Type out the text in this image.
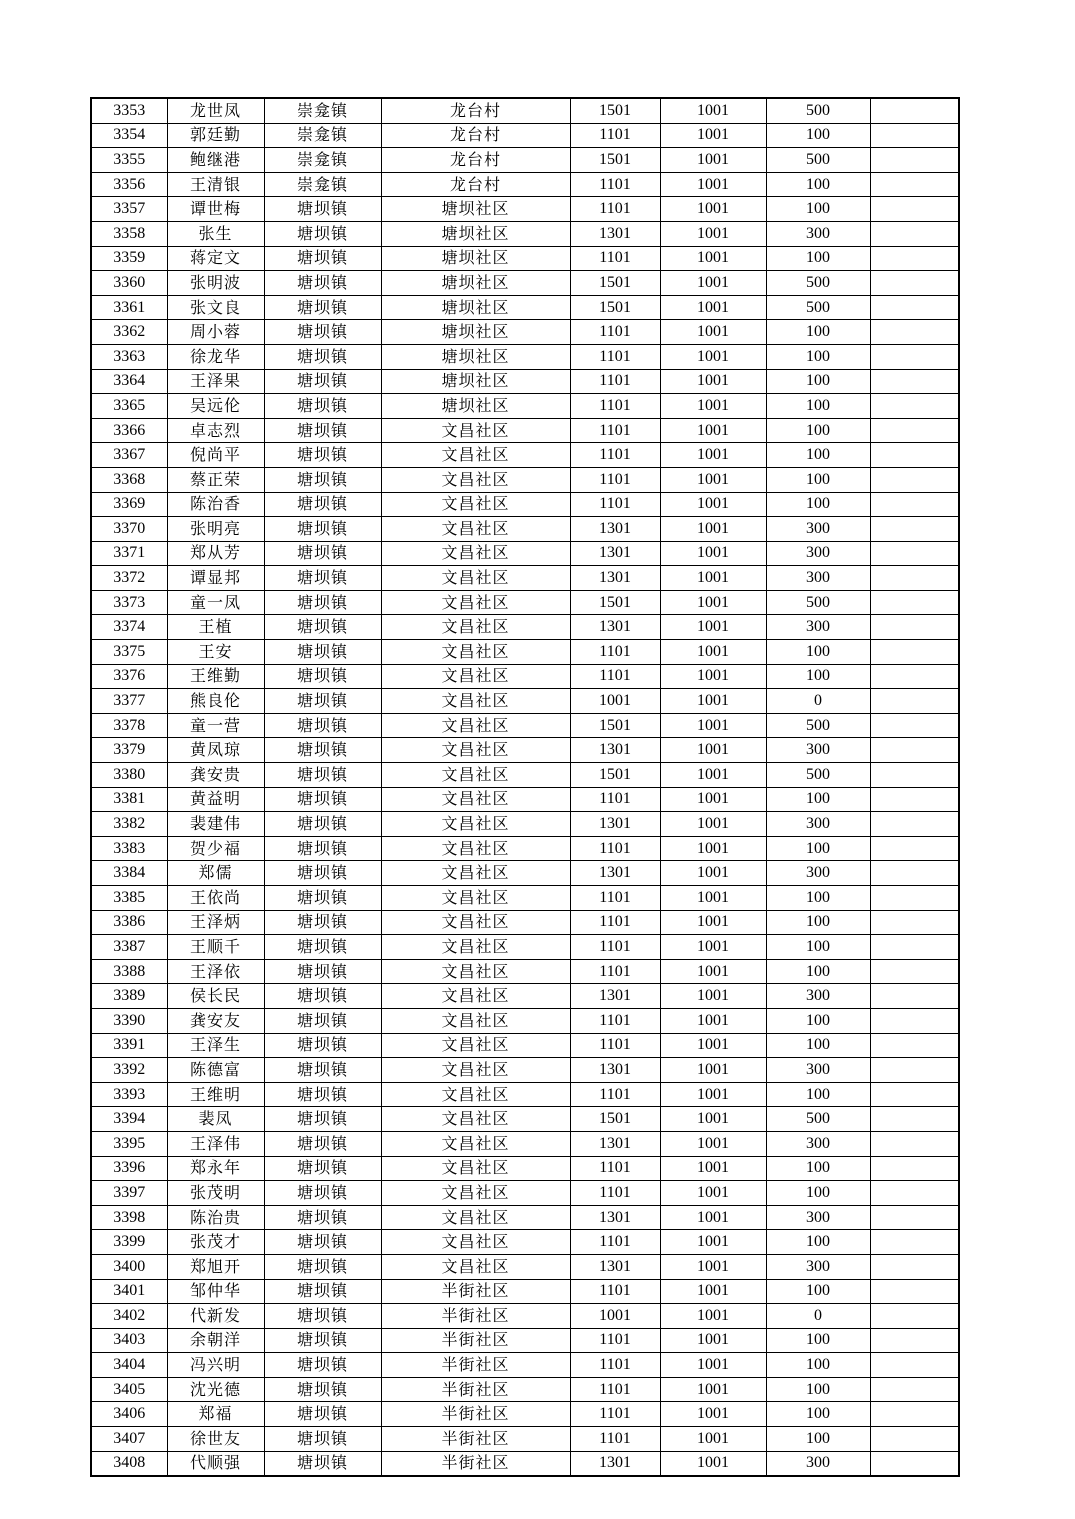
3353	龙世凤	崇龛镇	龙台村	1501	1001	500	
3354	郭廷勤	崇龛镇	龙台村	1101	1001	100	
3355	鲍继港	崇龛镇	龙台村	1501	1001	500	
3356	王清银	崇龛镇	龙台村	1101	1001	100	
3357	谭世梅	塘坝镇	塘坝社区	1101	1001	100	
3358	张生	塘坝镇	塘坝社区	1301	1001	300	
3359	蒋定文	塘坝镇	塘坝社区	1101	1001	100	
3360	张明波	塘坝镇	塘坝社区	1501	1001	500	
3361	张文良	塘坝镇	塘坝社区	1501	1001	500	
3362	周小蓉	塘坝镇	塘坝社区	1101	1001	100	
3363	徐龙华	塘坝镇	塘坝社区	1101	1001	100	
3364	王泽果	塘坝镇	塘坝社区	1101	1001	100	
3365	吴远伦	塘坝镇	塘坝社区	1101	1001	100	
3366	卓志烈	塘坝镇	文昌社区	1101	1001	100	
3367	倪尚平	塘坝镇	文昌社区	1101	1001	100	
3368	蔡正荣	塘坝镇	文昌社区	1101	1001	100	
3369	陈治香	塘坝镇	文昌社区	1101	1001	100	
3370	张明亮	塘坝镇	文昌社区	1301	1001	300	
3371	郑从芳	塘坝镇	文昌社区	1301	1001	300	
3372	谭显邦	塘坝镇	文昌社区	1301	1001	300	
3373	童一凤	塘坝镇	文昌社区	1501	1001	500	
3374	王植	塘坝镇	文昌社区	1301	1001	300	
3375	王安	塘坝镇	文昌社区	1101	1001	100	
3376	王维勤	塘坝镇	文昌社区	1101	1001	100	
3377	熊良伦	塘坝镇	文昌社区	1001	1001	0	
3378	童一营	塘坝镇	文昌社区	1501	1001	500	
3379	黄凤琼	塘坝镇	文昌社区	1301	1001	300	
3380	龚安贵	塘坝镇	文昌社区	1501	1001	500	
3381	黄益明	塘坝镇	文昌社区	1101	1001	100	
3382	裴建伟	塘坝镇	文昌社区	1301	1001	300	
3383	贺少福	塘坝镇	文昌社区	1101	1001	100	
3384	郑儒	塘坝镇	文昌社区	1301	1001	300	
3385	王依尚	塘坝镇	文昌社区	1101	1001	100	
3386	王泽炳	塘坝镇	文昌社区	1101	1001	100	
3387	王顺千	塘坝镇	文昌社区	1101	1001	100	
3388	王泽依	塘坝镇	文昌社区	1101	1001	100	
3389	侯长民	塘坝镇	文昌社区	1301	1001	300	
3390	龚安友	塘坝镇	文昌社区	1101	1001	100	
3391	王泽生	塘坝镇	文昌社区	1101	1001	100	
3392	陈德富	塘坝镇	文昌社区	1301	1001	300	
3393	王维明	塘坝镇	文昌社区	1101	1001	100	
3394	裴凤	塘坝镇	文昌社区	1501	1001	500	
3395	王泽伟	塘坝镇	文昌社区	1301	1001	300	
3396	郑永年	塘坝镇	文昌社区	1101	1001	100	
3397	张茂明	塘坝镇	文昌社区	1101	1001	100	
3398	陈治贵	塘坝镇	文昌社区	1301	1001	300	
3399	张茂才	塘坝镇	文昌社区	1101	1001	100	
3400	郑旭开	塘坝镇	文昌社区	1301	1001	300	
3401	邹仲华	塘坝镇	半街社区	1101	1001	100	
3402	代新发	塘坝镇	半街社区	1001	1001	0	
3403	余朝洋	塘坝镇	半街社区	1101	1001	100	
3404	冯兴明	塘坝镇	半街社区	1101	1001	100	
3405	沈光德	塘坝镇	半街社区	1101	1001	100	
3406	郑福	塘坝镇	半街社区	1101	1001	100	
3407	徐世友	塘坝镇	半街社区	1101	1001	100	
3408	代顺强	塘坝镇	半街社区	1301	1001	300	
